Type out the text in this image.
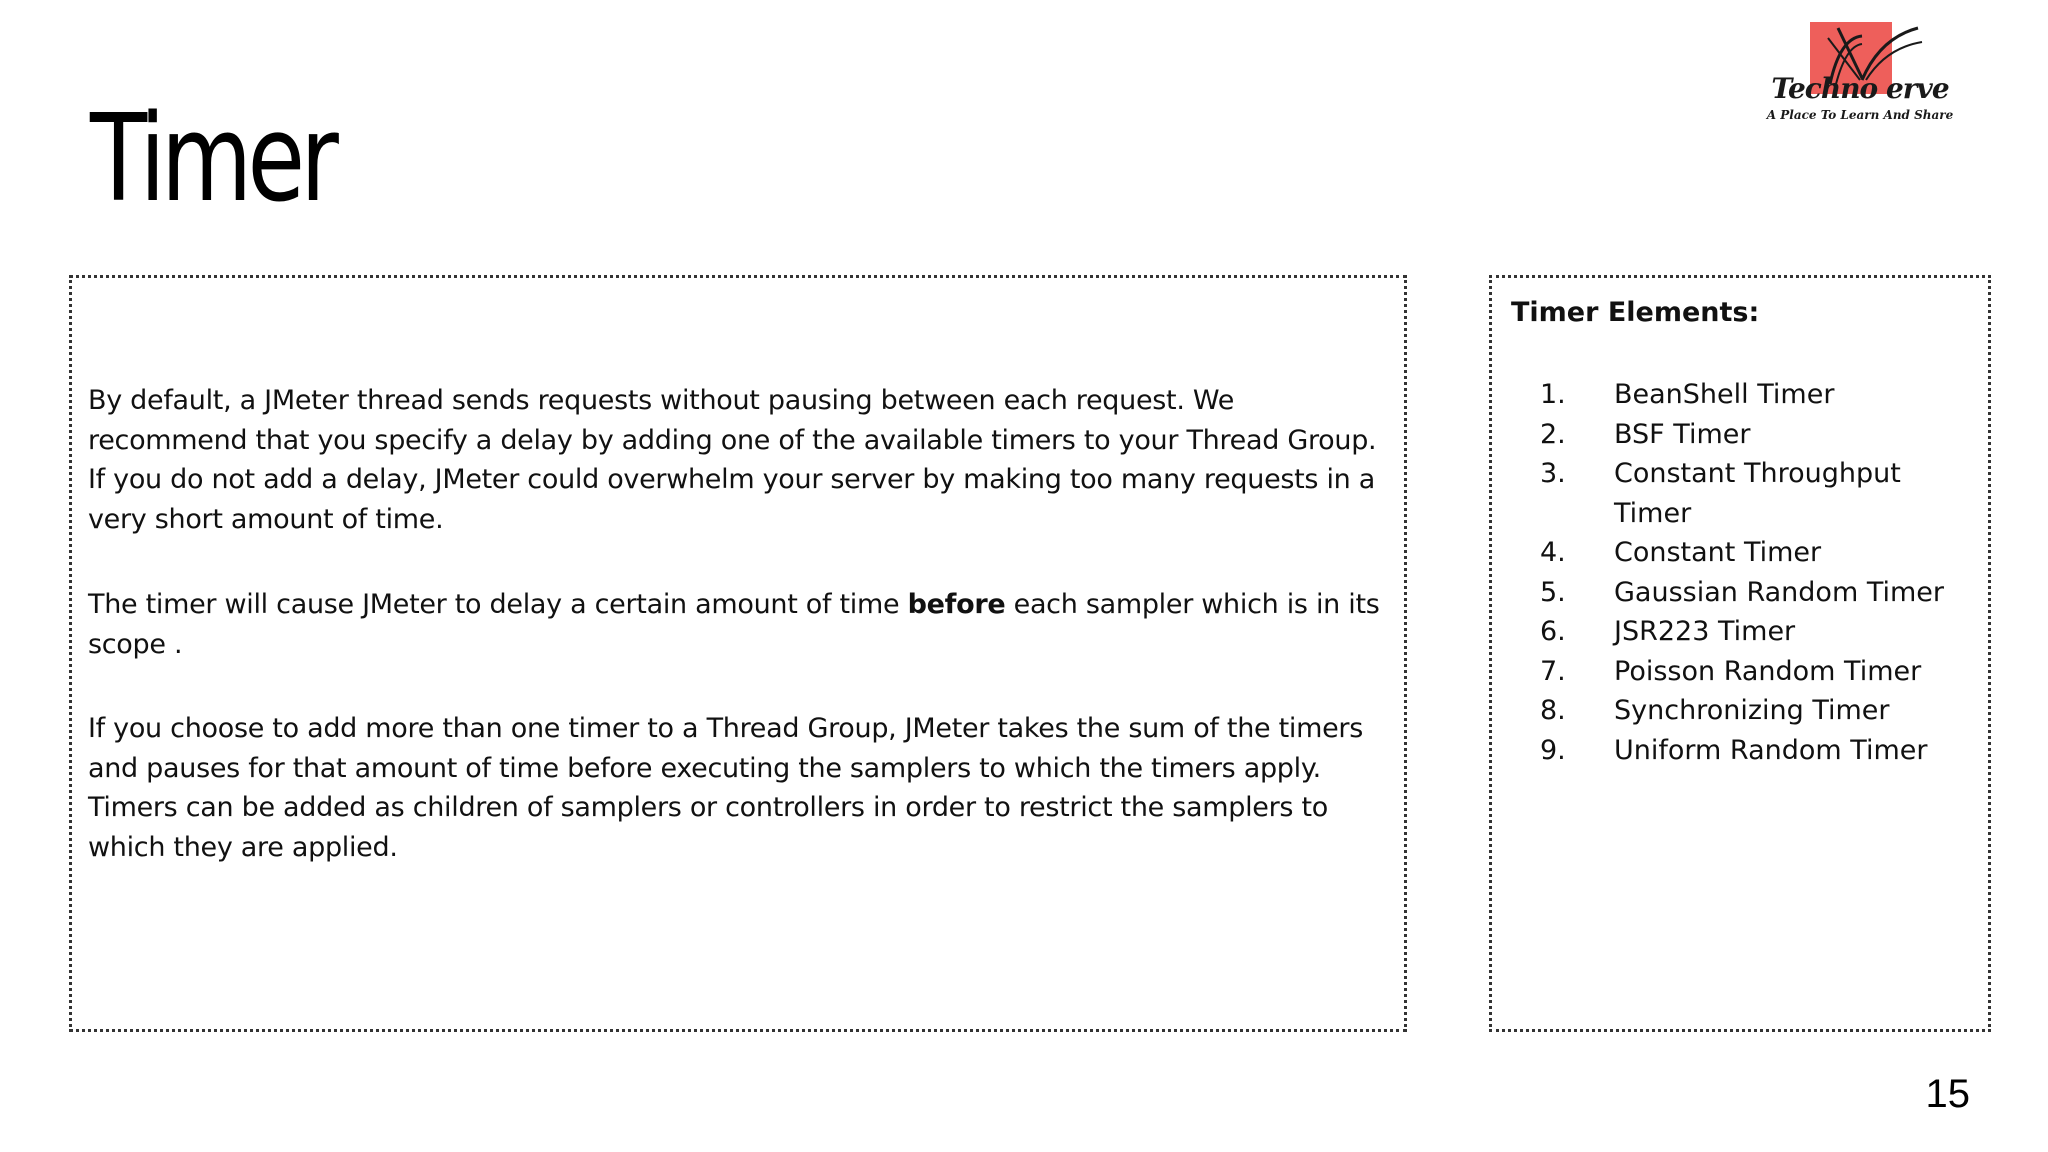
Timer
Techno erve
A Place To Learn And Share

By default, a JMeter thread sends requests without pausing between each request. We recommend that you specify a delay by adding one of the available timers to your Thread Group. If you do not add a delay, JMeter could overwhelm your server by making too many requests in a very short amount of time.

The timer will cause JMeter to delay a certain amount of time before each sampler which is in its scope .

If you choose to add more than one timer to a Thread Group, JMeter takes the sum of the timers and pauses for that amount of time before executing the samplers to which the timers apply. Timers can be added as children of samplers or controllers in order to restrict the samplers to which they are applied.

Timer Elements:
1.	BeanShell Timer
2.	BSF Timer
3.	Constant Throughput Timer
4.	Constant Timer
5.	Gaussian Random Timer
6.	JSR223 Timer
7.	Poisson Random Timer
8.	Synchronizing Timer
9.	Uniform Random Timer
15
